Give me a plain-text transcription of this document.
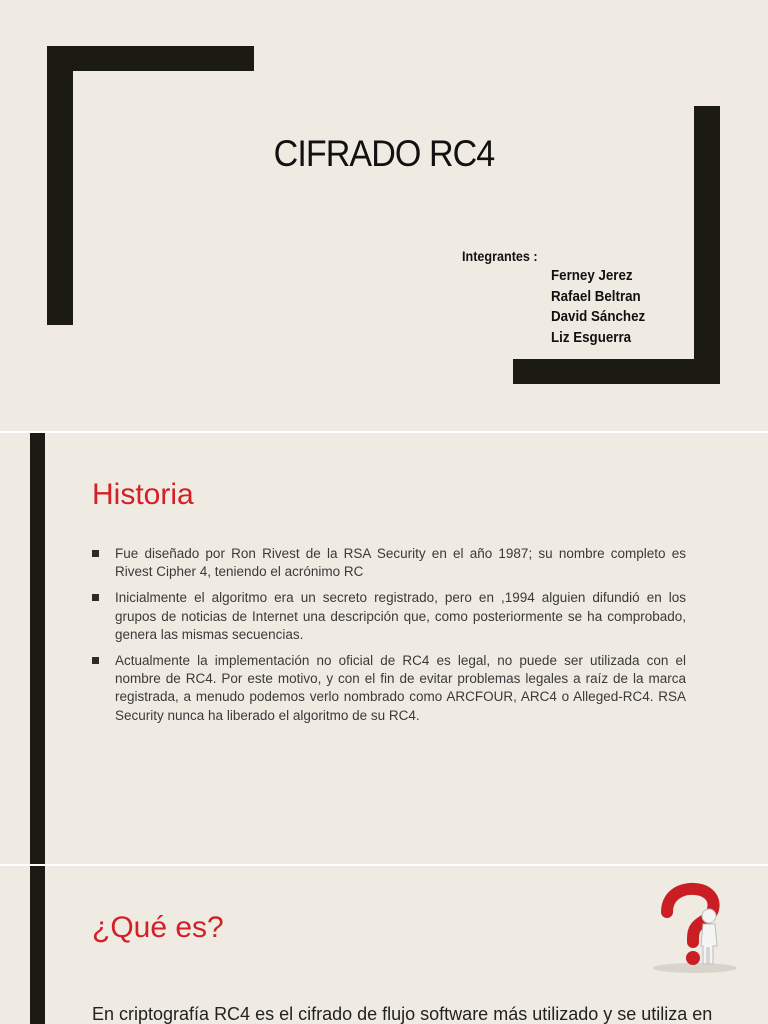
CIFRADO RC4
Integrantes :
Ferney Jerez
Rafael Beltran
David Sánchez
Liz Esguerra
Historia
Fue diseñado por Ron Rivest de la RSA Security en el año 1987; su nombre completo es Rivest Cipher 4, teniendo el acrónimo RC
Inicialmente el algoritmo era un secreto registrado, pero en ,1994 alguien difundió en los grupos de noticias de Internet una descripción que, como posteriormente se ha comprobado, genera las mismas secuencias.
Actualmente la implementación no oficial de RC4 es legal, no puede ser utilizada con el nombre de RC4. Por este motivo, y con el fin de evitar problemas legales a raíz de la marca registrada, a menudo podemos verlo nombrado como ARCFOUR, ARC4 o Alleged-RC4. RSA Security nunca ha liberado el algoritmo de su RC4.
¿Qué es?
En criptografía RC4 es el cifrado de flujo software más utilizado y se utiliza en
